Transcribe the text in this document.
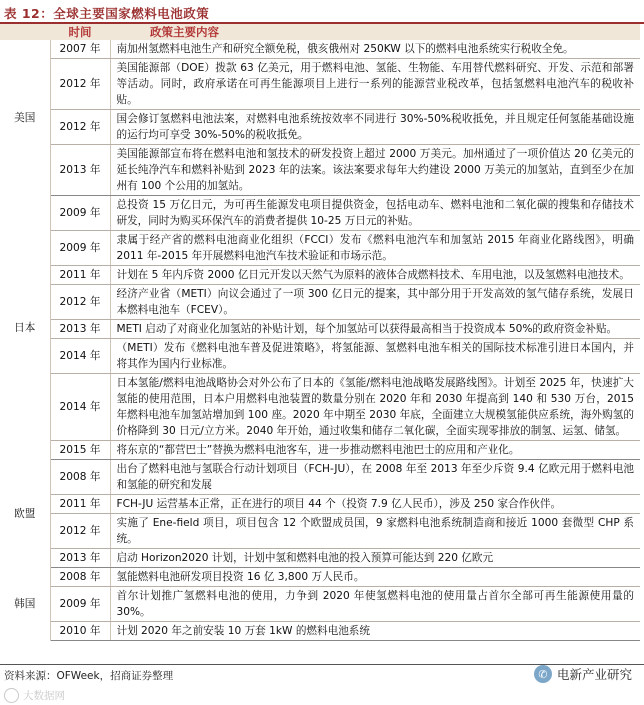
表 12：全球主要国家燃料电池政策
	时间	政策主要内容
美国	2007 年	南加州氢燃料电池生产和研究全额免税，俄亥俄州对 250KW 以下的燃料电池系统实行税收全免。
	2012 年	美国能源部（DOE）拨款 63 亿美元，用于燃料电池、氢能、生物能、车用替代燃料研究、开发、示范和部署等活动。同时，政府承诺在可再生能源项目上进行一系列的能源营业税改革，包括氢燃料电池汽车的税收补贴。
	2012 年	国会修订氢燃料电池法案，对燃料电池系统按效率不同进行 30%-50%税收抵免，并且规定任何氢能基础设施的运行均可享受 30%-50%的税收抵免。
	2013 年	美国能源部宣布将在燃料电池和氢技术的研发投资上超过 2000 万美元。加州通过了一项价值达 20 亿美元的延长纯净汽车和燃料补贴到 2023 年的法案。该法案要求每年大约建设 2000 万美元的加氢站，直到至少在加州有 100 个公用的加氢站。
日本	2009 年	总投资 15 万亿日元，为可再生能源发电项目提供资金，包括电动车、燃料电池和二氧化碳的搜集和存储技术研发，同时为购买环保汽车的消费者提供 10-25 万日元的补贴。
	2009 年	隶属于经产省的燃料电池商业化组织（FCCI）发布《燃料电池汽车和加氢站 2015 年商业化路线图》，明确 2011 年-2015 年开展燃料电池汽车技术验证和市场示范。
	2011 年	计划在 5 年内斥资 2000 亿日元开发以天然气为原料的液体合成燃料技术、车用电池，以及氢燃料电池技术。
	2012 年	经济产业省（METI）向议会通过了一项 300 亿日元的提案，其中部分用于开发高效的氢气储存系统，发展日本燃料电池车（FCEV）。
	2013 年	METI 启动了对商业化加氢站的补贴计划，每个加氢站可以获得最高相当于投资成本 50%的政府资金补贴。
	2014 年	（METI）发布《燃料电池车普及促进策略》，将氢能源、氢燃料电池车相关的国际技术标准引进日本国内，并将其作为国内行业标准。
	2014 年	日本氢能/燃料电池战略协会对外公布了日本的《氢能/燃料电池战略发展路线图》。计划至 2025 年，快速扩大氢能的使用范围，日本户用燃料电池装置的数量分别在 2020 年和 2030 年提高到 140 和 530 万台，2015 年燃料电池车加氢站增加到 100 座。2020 年中期至 2030 年底，全面建立大规模氢能供应系统，海外购氢的价格降到 30 日元/立方米。2040 年开始，通过收集和储存二氧化碳，全面实现零排放的制氢、运氢、储氢。
	2015 年	将东京的“都营巴士”替换为燃料电池客车，进一步推动燃料电池巴士的应用和产业化。
欧盟	2008 年	出台了燃料电池与氢联合行动计划项目（FCH-JU），在 2008 年至 2013 年至少斥资 9.4 亿欧元用于燃料电池和氢能的研究和发展
	2011 年	FCH-JU 运营基本正常，正在进行的项目 44 个（投资 7.9 亿人民币），涉及 250 家合作伙伴。
	2012 年	实施了 Ene-field 项目，项目包含 12 个欧盟成员国，9 家燃料电池系统制造商和接近 1000 套微型 CHP 系统。
	2013 年	启动 Horizon2020 计划，计划中氢和燃料电池的投入预算可能达到 220 亿欧元
韩国	2008 年	氢能燃料电池研发项目投资 16 亿 3,800 万人民币。
	2009 年	首尔计划推广氢燃料电池的使用，力争到 2020 年使氢燃料电池的使用量占首尔全部可再生能源使用量的 30%。
	2010 年	计划 2020 年之前安装 10 万套 1kW 的燃料电池系统
资料来源：OFWeek，招商证券整理	✆ 电新产业研究
大数据网
